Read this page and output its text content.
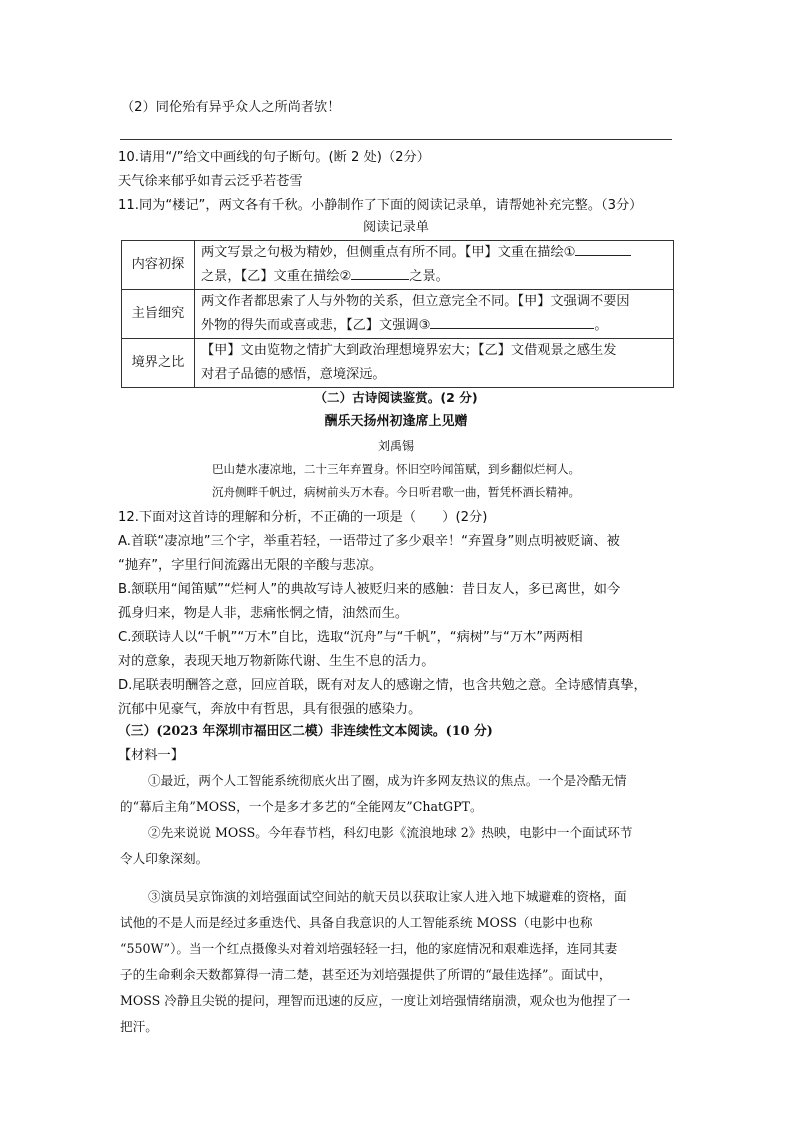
（2）同伦殆有异乎众人之所尚者欤！
10.请用“/”给文中画线的句子断句。(断 2 处)（2分）
天气徐来郁乎如青云泛乎若苍雪
11.同为“楼记”，两文各有千秋。小静制作了下面的阅读记录单，请帮她补充完整。（3分）
阅读记录单
内容初探	两文写景之句极为精妙，但侧重点有所不同。【甲】文重在描绘①
之景，【乙】文重在描绘② 之景。

主旨细究	两文作者都思索了人与外物的关系，但立意完全不同。【甲】文强调不要因
外物的得失而或喜或悲，【乙】文强调③ 。

境界之比	【甲】文由览物之情扩大到政治理想境界宏大；【乙】文借观景之感生发
对君子品德的感悟，意境深远。
（二）古诗阅读鉴赏。(2 分)
酬乐天扬州初逢席上见赠
刘禹锡
巴山楚水凄凉地，二十三年弃置身。怀旧空吟闻笛赋，到乡翻似烂柯人。
沉舟侧畔千帆过，病树前头万木春。今日听君歌一曲，暂凭杯酒长精神。
12.下面对这首诗的理解和分析，不正确的一项是（　　）(2分)
A.首联“凄凉地”三个字，举重若轻，一语带过了多少艰辛！“弃置身”则点明被贬谪、被
“抛弃”，字里行间流露出无限的辛酸与悲凉。
B.颔联用“闻笛赋”“烂柯人”的典故写诗人被贬归来的感触：昔日友人，多已离世，如今
孤身归来，物是人非，悲痛怅惘之情，油然而生。
C.颈联诗人以“千帆”“万木”自比，选取“沉舟”与“千帆”，“病树”与“万木”两两相
对的意象，表现天地万物新陈代谢、生生不息的活力。
D.尾联表明酬答之意，回应首联，既有对友人的感谢之情，也含共勉之意。全诗感情真挚，
沉郁中见豪气，奔放中有哲思，具有很强的感染力。
（三）(2023 年深圳市福田区二模）非连续性文本阅读。(10 分)
【材料一】
①最近，两个人工智能系统彻底火出了圈，成为许多网友热议的焦点。一个是冷酷无情
的“幕后主角”MOSS，一个是多才多艺的“全能网友”ChatGPT。
②先来说说 MOSS。今年春节档，科幻电影《流浪地球 2》热映，电影中一个面试环节
令人印象深刻。
③演员吴京饰演的刘培强面试空间站的航天员以获取让家人进入地下城避难的资格，面
试他的不是人而是经过多重迭代、具备自我意识的人工智能系统 MOSS（电影中也称
“550W”）。当一个红点摄像头对着刘培强轻轻一扫，他的家庭情况和艰难选择，连同其妻
子的生命剩余天数都算得一清二楚，甚至还为刘培强提供了所谓的“最佳选择”。面试中，
MOSS 冷静且尖锐的提问，理智而迅速的反应，一度让刘培强情绪崩溃，观众也为他捏了一
把汗。
